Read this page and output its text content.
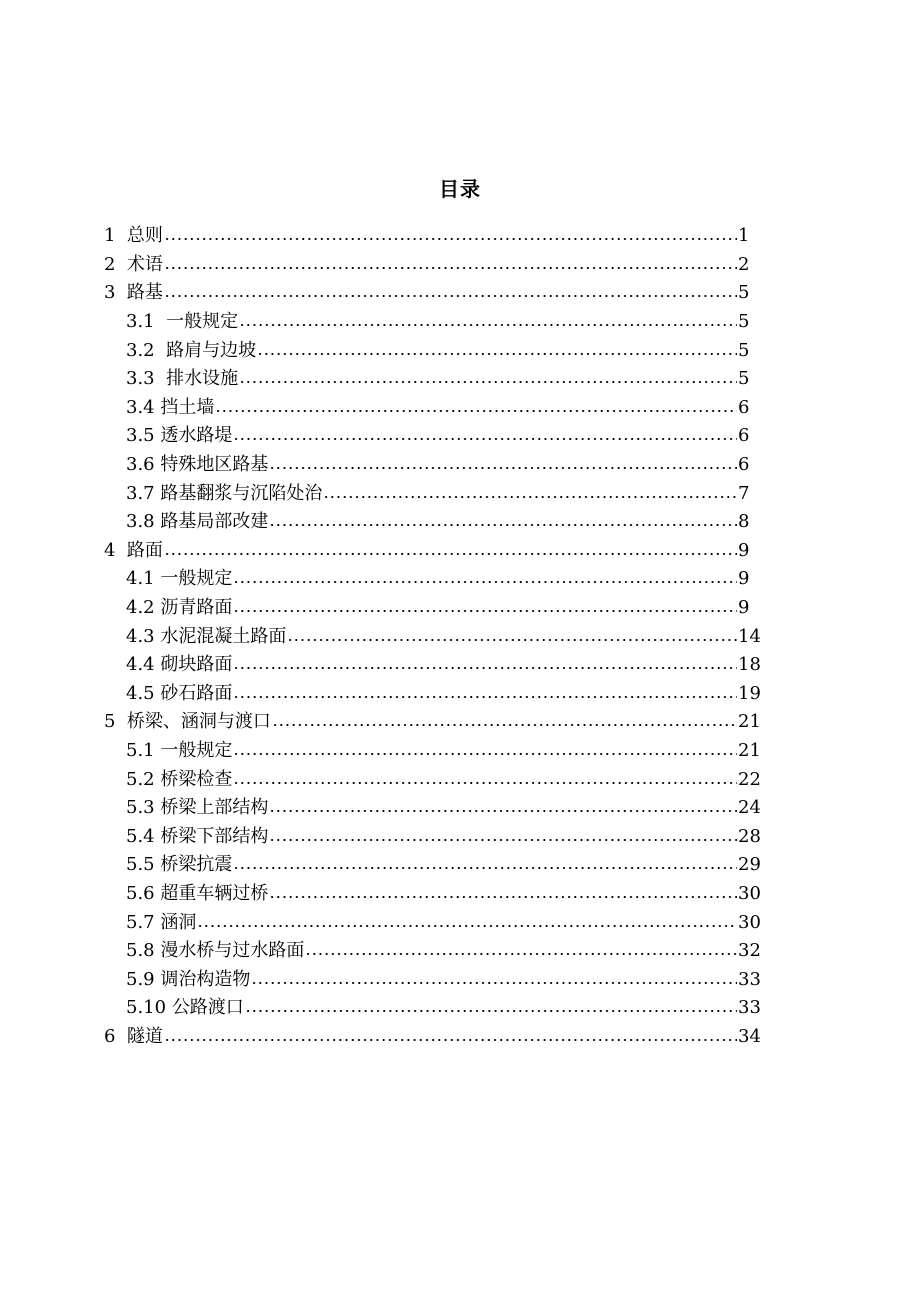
目录
1 总则	1
2 术语	2
3 路基	5
3.1 一般规定	5
3.2 路肩与边坡	5
3.3 排水设施	5
3.4 挡土墙	6
3.5 透水路堤	6
3.6 特殊地区路基	6
3.7 路基翻浆与沉陷处治	7
3.8 路基局部改建	8
4 路面	9
4.1 一般规定	9
4.2 沥青路面	9
4.3 水泥混凝土路面	14
4.4 砌块路面	18
4.5 砂石路面	19
5 桥梁、涵洞与渡口	21
5.1 一般规定	21
5.2 桥梁检查	22
5.3 桥梁上部结构	24
5.4 桥梁下部结构	28
5.5 桥梁抗震	29
5.6 超重车辆过桥	30
5.7 涵洞	30
5.8 漫水桥与过水路面	32
5.9 调治构造物	33
5.10 公路渡口	33
6 隧道	34
